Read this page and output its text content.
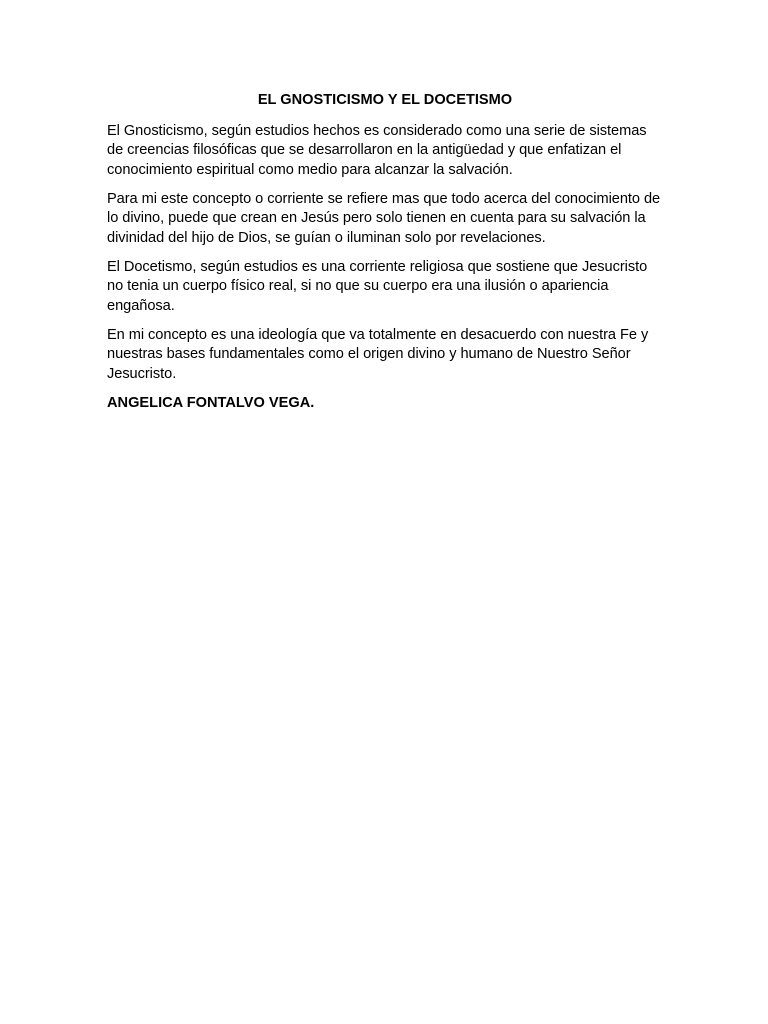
EL GNOSTICISMO Y EL DOCETISMO

El Gnosticismo, según estudios hechos es considerado como una serie de sistemas de creencias filosóficas que se desarrollaron en la antigüedad y que enfatizan el conocimiento espiritual como medio para alcanzar la salvación.

Para mi este concepto o corriente se refiere mas que todo acerca del conocimiento de lo divino, puede que crean en Jesús pero solo tienen en cuenta para su salvación la divinidad del hijo de Dios, se guían o iluminan solo por revelaciones.

El Docetismo, según estudios es una corriente religiosa que sostiene que Jesucristo no tenia un cuerpo físico real, si no que su cuerpo era una ilusión o apariencia engañosa.

En mi concepto es una ideología que va totalmente en desacuerdo con nuestra Fe y nuestras bases fundamentales como el origen divino y humano de Nuestro Señor Jesucristo.

ANGELICA FONTALVO VEGA.
